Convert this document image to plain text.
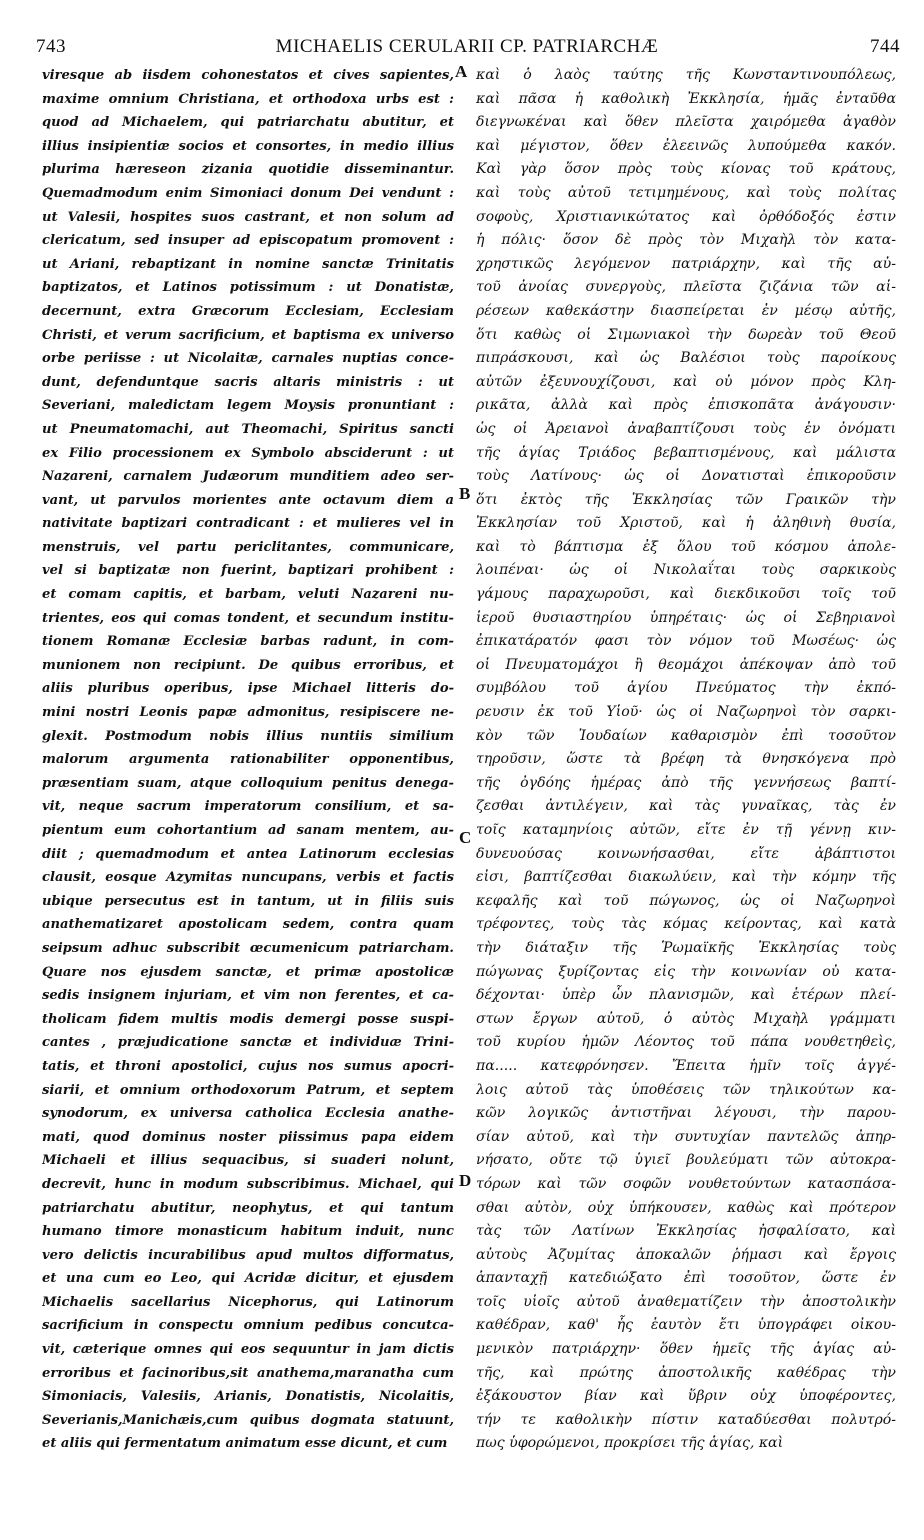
743	MICHAELIS CERULARII CP. PATRIARCHÆ	744
viresque ab iisdem cohonestatos et cives sapientes,
maxime omnium Christiana, et orthodoxa urbs est :
quod ad Michaelem, qui patriarchatu abutitur, et
illius insipientiæ socios et consortes, in medio illius
plurima hæreseon zizania quotidie disseminantur.
Quemadmodum enim Simoniaci donum Dei vendunt :
ut Valesii, hospites suos castrant, et non solum ad
clericatum, sed insuper ad episcopatum promovent :
ut Ariani, rebaptizant in nomine sanctæ Trinitatis
baptizatos, et Latinos potissimum : ut Donatistæ,
decernunt, extra Græcorum Ecclesiam, Ecclesiam
Christi, et verum sacrificium, et baptisma ex universo
orbe periisse : ut Nicolaitæ, carnales nuptias conce-
dunt, defenduntque sacris altaris ministris : ut
Severiani, maledictam legem Moysis pronuntiant :
ut Pneumatomachi, aut Theomachi, Spiritus sancti
ex Filio processionem ex Symbolo absciderunt : ut
Nazareni, carnalem Judæorum munditiem adeo ser-
vant, ut parvulos morientes ante octavum diem a
nativitate baptizari contradicant : et mulieres vel in
menstruis, vel partu periclitantes, communicare,
vel si baptizatæ non fuerint, baptizari prohibent :
et comam capitis, et barbam, veluti Nazareni nu-
trientes, eos qui comas tondent, et secundum institu-
tionem Romanæ Ecclesiæ barbas radunt, in com-
munionem non recipiunt. De quibus erroribus, et
aliis pluribus operibus, ipse Michael litteris do-
mini nostri Leonis papæ admonitus, resipiscere ne-
glexit. Postmodum nobis illius nuntiis similium
malorum argumenta rationabiliter opponentibus,
præsentiam suam, atque colloquium penitus denega-
vit, neque sacrum imperatorum consilium, et sa-
pientum eum cohortantium ad sanam mentem, au-
diit ; quemadmodum et antea Latinorum ecclesias
clausit, eosque Azymitas nuncupans, verbis et factis
ubique persecutus est in tantum, ut in filiis suis
anathematizaret apostolicam sedem, contra quam
seipsum adhuc subscribit œcumenicum patriarcham.
Quare nos ejusdem sanctæ, et primæ apostolicæ
sedis insignem injuriam, et vim non ferentes, et ca-
tholicam fidem multis modis demergi posse suspi-
cantes , præjudicatione sanctæ et individuæ Trini-
tatis, et throni apostolici, cujus nos sumus apocri-
siarii, et omnium orthodoxorum Patrum, et septem
synodorum, ex universa catholica Ecclesia anathe-
mati, quod dominus noster piissimus papa eidem
Michaeli et illius sequacibus, si suaderi nolunt,
decrevit, hunc in modum subscribimus. Michael, qui
patriarchatu abutitur, neophytus, et qui tantum
humano timore monasticum habitum induit, nunc
vero delictis incurabilibus apud multos difformatus,
et una cum eo Leo, qui Acridæ dicitur, et ejusdem
Michaelis sacellarius Nicephorus, qui Latinorum
sacrificium in conspectu omnium pedibus concutca-
vit, cæterique omnes qui eos sequuntur in jam dictis
erroribus et facinoribus,sit anathema,maranatha cum
Simoniacis, Valesiis, Arianis, Donatistis, Nicolaitis,
Severianis,Manichæis,cum quibus dogmata statuunt,
et aliis qui fermentatum animatum esse dicunt, et cum
καὶ ὁ λαὸς ταύτης τῆς Κωνσταντινουπόλεως,
καὶ πᾶσα ἡ καθολικὴ Ἐκκλησία, ἡμᾶς ἐνταῦθα
διεγνωκέναι καὶ ὅθεν πλεῖστα χαιρόμεθα ἀγαθὸν
καὶ μέγιστον, ὅθεν ἐλεεινῶς λυπούμεθα κακόν.
Καὶ γὰρ ὅσον πρὸς τοὺς κίονας τοῦ κράτους,
καὶ τοὺς αὐτοῦ τετιμημένους, καὶ τοὺς πολίτας
σοφοὺς, Χριστιανικώτατος καὶ ὀρθόδοξός ἐστιν
ἡ πόλις· ὅσον δὲ πρὸς τὸν Μιχαὴλ τὸν κατα-
χρηστικῶς λεγόμενον πατριάρχην, καὶ τῆς αὐ-
τοῦ ἀνοίας συνεργοὺς, πλεῖστα ζιζάνια τῶν αἱ-
ρέσεων καθεκάστην διασπείρεται ἐν μέσῳ αὐτῆς,
ὅτι καθὼς οἱ Σιμωνιακοὶ τὴν δωρεὰν τοῦ Θεοῦ
πιπράσκουσι, καὶ ὡς Βαλέσιοι τοὺς παροίκους
αὐτῶν ἐξευνουχίζουσι, καὶ οὐ μόνον πρὸς Κλη-
ρικᾶτα, ἀλλὰ καὶ πρὸς ἐπισκοπᾶτα ἀνάγουσιν·
ὡς οἱ Ἀρειανοὶ ἀναβαπτίζουσι τοὺς ἐν ὀνόματι
τῆς ἁγίας Τριάδος βεβαπτισμένους, καὶ μάλιστα
τοὺς Λατίνους· ὡς οἱ Δονατισταὶ ἐπικοροῦσιν
ὅτι ἐκτὸς τῆς Ἐκκλησίας τῶν Γραικῶν τὴν
Ἐκκλησίαν τοῦ Χριστοῦ, καὶ ἡ ἀληθινὴ θυσία,
καὶ τὸ βάπτισμα ἐξ ὅλου τοῦ κόσμου ἀπολε-
λοιπέναι· ὡς οἱ Νικολαΐται τοὺς σαρκικοὺς
γάμους παραχωροῦσι, καὶ διεκδικοῦσι τοῖς τοῦ
ἱεροῦ θυσιαστηρίου ὑπηρέταις· ὡς οἱ Σεβηριανοὶ
ἐπικατάρατόν φασι τὸν νόμον τοῦ Μωσέως· ὡς
οἱ Πνευματομάχοι ἢ θεομάχοι ἀπέκοψαν ἀπὸ τοῦ
συμβόλου τοῦ ἁγίου Πνεύματος τὴν ἐκπό-
ρευσιν ἐκ τοῦ Υἱοῦ· ὡς οἱ Ναζωρηνοὶ τὸν σαρκι-
κὸν τῶν Ἰουδαίων καθαρισμὸν ἐπὶ τοσοῦτον
τηροῦσιν, ὥστε τὰ βρέφη τὰ θνησκόγενα πρὸ
τῆς ὀγδόης ἡμέρας ἀπὸ τῆς γεννήσεως βαπτί-
ζεσθαι ἀντιλέγειν, καὶ τὰς γυναῖκας, τὰς ἐν
τοῖς καταμηνίοις αὐτῶν, εἴτε ἐν τῇ γέννῃ κιν-
δυνευούσας κοινωνήσασθαι, εἴτε ἀβάπτιστοι
εἰσι, βαπτίζεσθαι διακωλύειν, καὶ τὴν κόμην τῆς
κεφαλῆς καὶ τοῦ πώγωνος, ὡς οἱ Ναζωρηνοὶ
τρέφοντες, τοὺς τὰς κόμας κείροντας, καὶ κατὰ
τὴν διάταξιν τῆς Ῥωμαϊκῆς Ἐκκλησίας τοὺς
πώγωνας ξυρίζοντας εἰς τὴν κοινωνίαν οὐ κατα-
δέχονται· ὑπὲρ ὧν πλανισμῶν, καὶ ἑτέρων πλεί-
στων ἔργων αὐτοῦ, ὁ αὐτὸς Μιχαὴλ γράμματι
τοῦ κυρίου ἡμῶν Λέοντος τοῦ πάπα νουθετηθεὶς,
πα..... κατεφρόνησεν. Ἔπειτα ἡμῖν τοῖς ἀγγέ-
λοις αὐτοῦ τὰς ὑποθέσεις τῶν τηλικούτων κα-
κῶν λογικῶς ἀντιστῆναι λέγουσι, τὴν παρου-
σίαν αὐτοῦ, καὶ τὴν συντυχίαν παντελῶς ἀπηρ-
νήσατο, οὔτε τῷ ὑγιεῖ βουλεύματι τῶν αὐτοκρα-
τόρων καὶ τῶν σοφῶν νουθετούντων κατασπάσα-
σθαι αὐτὸν, οὐχ ὑπήκουσεν, καθὼς καὶ πρότερον
τὰς τῶν Λατίνων Ἐκκλησίας ἠσφαλίσατο, καὶ
αὐτοὺς Ἀζυμίτας ἀποκαλῶν ῥήμασι καὶ ἔργοις
ἁπανταχῇ κατεδιώξατο ἐπὶ τοσοῦτον, ὥστε ἐν
τοῖς υἱοῖς αὐτοῦ ἀναθεματίζειν τὴν ἀποστολικὴν
καθέδραν, καθ' ἧς ἑαυτὸν ἔτι ὑπογράφει οἰκου-
μενικὸν πατριάρχην· ὅθεν ἡμεῖς τῆς ἁγίας αὐ-
τῆς, καὶ πρώτης ἀποστολικῆς καθέδρας τὴν
ἐξάκουστον βίαν καὶ ὕβριν οὐχ ὑποφέροντες,
τήν τε καθολικὴν πίστιν καταδύεσθαι πολυτρό-
πως ὑφορώμενοι, προκρίσει τῆς ἁγίας, καὶ
A
B
C
D
